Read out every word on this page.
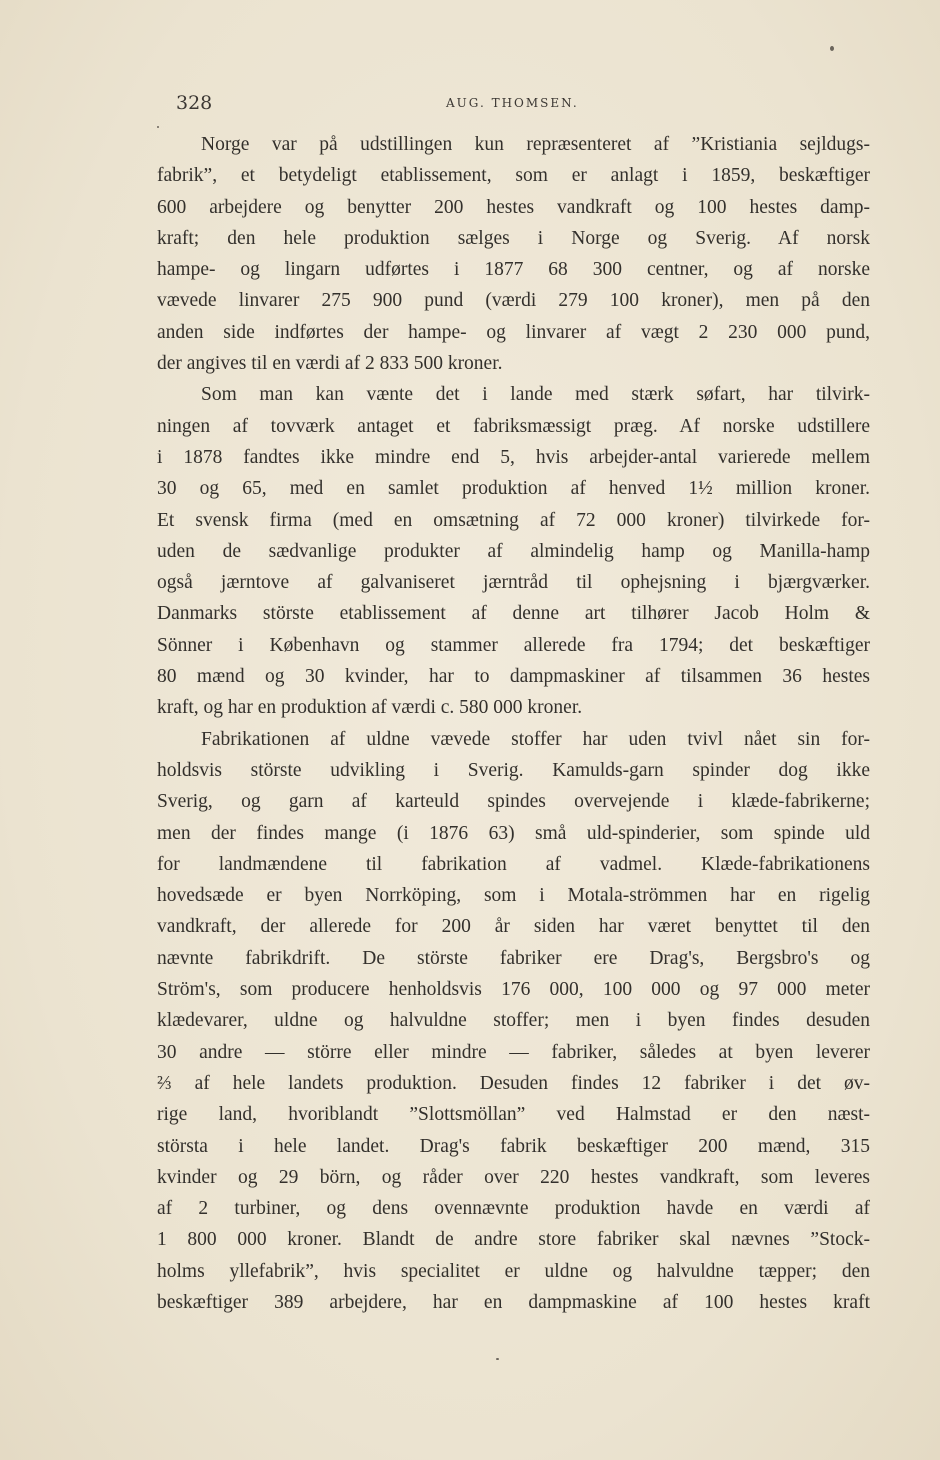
328	AUG. THOMSEN.
Norge var på udstillingen kun repræsenteret af ”Kristiania sejldugs-
fabrik”, et betydeligt etablissement, som er anlagt i 1859, beskæftiger
600 arbejdere og benytter 200 hestes vandkraft og 100 hestes damp-
kraft; den hele produktion sælges i Norge og Sverig. Af norsk
hampe- og lingarn udførtes i 1877 68 300 centner, og af norske
vævede linvarer 275 900 pund (værdi 279 100 kroner), men på den
anden side indførtes der hampe- og linvarer af vægt 2 230 000 pund,
der angives til en værdi af 2 833 500 kroner.
Som man kan vænte det i lande med stærk søfart, har tilvirk-
ningen af tovværk antaget et fabriksmæssigt præg. Af norske udstillere
i 1878 fandtes ikke mindre end 5, hvis arbejder-antal varierede mellem
30 og 65, med en samlet produktion af henved 1½ million kroner.
Et svensk firma (med en omsætning af 72 000 kroner) tilvirkede for-
uden de sædvanlige produkter af almindelig hamp og Manilla-hamp
også jærntove af galvaniseret jærntråd til ophejsning i bjærgværker.
Danmarks störste etablissement af denne art tilhører Jacob Holm &
Sönner i København og stammer allerede fra 1794; det beskæftiger
80 mænd og 30 kvinder, har to dampmaskiner af tilsammen 36 hestes
kraft, og har en produktion af værdi c. 580 000 kroner.
Fabrikationen af uldne vævede stoffer har uden tvivl nået sin for-
holdsvis störste udvikling i Sverig. Kamulds-garn spinder dog ikke
Sverig, og garn af karteuld spindes overvejende i klæde-fabrikerne;
men der findes mange (i 1876 63) små uld-spinderier, som spinde uld
for landmændene til fabrikation af vadmel. Klæde-fabrikationens
hovedsæde er byen Norrköping, som i Motala-strömmen har en rigelig
vandkraft, der allerede for 200 år siden har været benyttet til den
nævnte fabrikdrift. De störste fabriker ere Drag's, Bergsbro's og
Ström's, som producere henholdsvis 176 000, 100 000 og 97 000 meter
klædevarer, uldne og halvuldne stoffer; men i byen findes desuden
30 andre — större eller mindre — fabriker, således at byen leverer
⅔ af hele landets produktion. Desuden findes 12 fabriker i det øv-
rige land, hvoriblandt ”Slottsmöllan” ved Halmstad er den næst-
största i hele landet. Drag's fabrik beskæftiger 200 mænd, 315
kvinder og 29 börn, og råder over 220 hestes vandkraft, som leveres
af 2 turbiner, og dens ovennævnte produktion havde en værdi af
1 800 000 kroner. Blandt de andre store fabriker skal nævnes ”Stock-
holms yllefabrik”, hvis specialitet er uldne og halvuldne tæpper; den
beskæftiger 389 arbejdere, har en dampmaskine af 100 hestes kraft
